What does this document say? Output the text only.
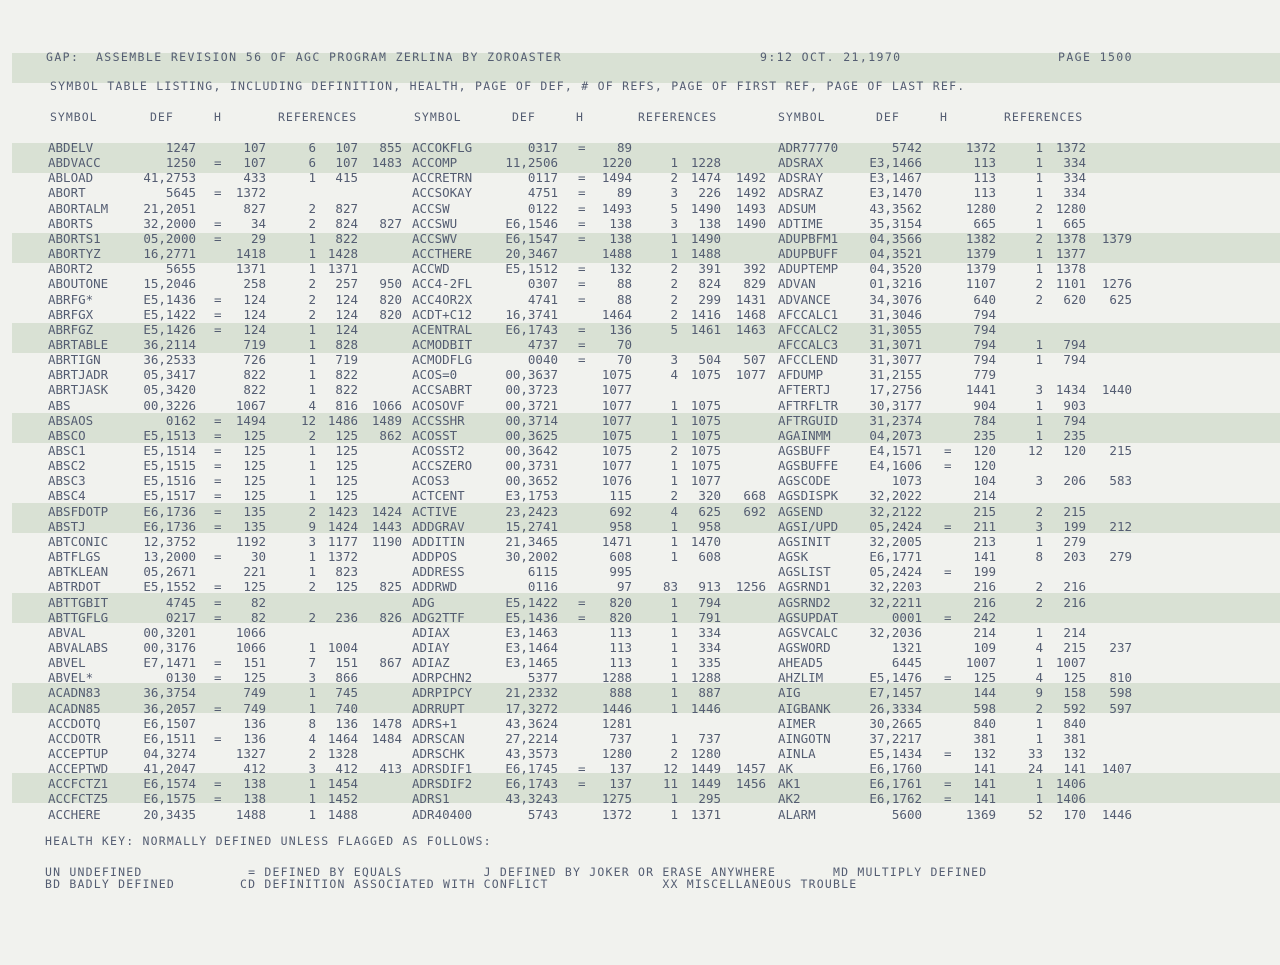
GAP:  ASSEMBLE REVISION 56 OF AGC PROGRAM ZERLINA BY ZOROASTER	9:12 OCT. 21,1970	PAGE 1500
SYMBOL TABLE LISTING, INCLUDING DEFINITION, HEALTH, PAGE OF DEF, # OF REFS, PAGE OF FIRST REF, PAGE OF LAST REF.
SYMBOL	DEF	H	REFERENCES	SYMBOL	DEF	H	REFERENCES	SYMBOL	DEF	H	REFERENCES
ABDELV	1247	107	6	107	855 ACCOKFLG	0317 =	89	ADR77770	5742	1372	1	1372
ABDVACC	1250 =	107	6	107	1483 ACCOMP	11,2506	1220	1	1228	ADSRAX	E3,1466	113	1	334
ABLOAD	41,2753	433	1	415	ACCRETRN	0117 =	1494	2	1474	1492 ADSRAY	E3,1467	113	1	334
ABORT	5645 =	1372	ACCSOKAY	4751 =	89	3	226	1492 ADSRAZ	E3,1470	113	1	334
ABORTALM	21,2051	827	2	827	ACCSW	0122 =	1493	5	1490	1493 ADSUM	43,3562	1280	2	1280
ABORTS	32,2000 =	34	2	824	827 ACCSWU	E6,1546 =	138	3	138	1490 ADTIME	35,3154	665	1	665
ABORTS1	05,2000 =	29	1	822	ACCSWV	E6,1547 =	138	1	1490	ADUPBFM1	04,3566	1382	2	1378	1379
ABORTYZ	16,2771	1418	1 1428	ACCTHERE	20,3467	1488	1	1488	ADUPBUFF	04,3521	1379	1	1377
ABORT2	5655	1371	1 1371	ACCWD	E5,1512 =	132	2	391	392 ADUPTEMP	04,3520	1379	1	1378
ABOUTONE	15,2046	258	2	257	950 ACC4-2FL	0307 =	88	2	824	829 ADVAN	01,3216	1107	2	1101	1276
ABRFG*	E5,1436 =	124	2	124	820 ACC4OR2X	4741 =	88	2	299	1431 ADVANCE	34,3076	640	2	620	625
ABRFGX	E5,1422 =	124	2	124	820 ACDT+C12	16,3741	1464	2	1416	1468 AFCCALC1	31,3046	794
ABRFGZ	E5,1426 =	124	1	124	ACENTRAL	E6,1743 =	136	5	1461	1463 AFCCALC2	31,3055	794
ABRTABLE	36,2114	719	1	828	ACMODBIT	4737 =	70	AFCCALC3	31,3071	794	1	794
ABRTIGN	36,2533	726	1	719	ACMODFLG	0040 =	70	3	504	507 AFCCLEND	31,3077	794	1	794
ABRTJADR	05,3417	822	1	822	ACOS=0	00,3637	1075	4	1075	1077 AFDUMP	31,2155	779
ABRTJASK	05,3420	822	1	822	ACCSABRT	00,3723	1077	AFTERTJ	17,2756	1441	3	1434	1440
ABS	00,3226	1067	4	816	1066 ACOSOVF	00,3721	1077	1	1075	AFTRFLTR	30,3177	904	1	903
ABSAOS	0162 =	1494	12 1486	1489 ACCSSHR	00,3714	1077	1	1075	AFTRGUID	31,2374	784	1	794
ABSCO	E5,1513 =	125	2	125	862 ACOSST	00,3625	1075	1	1075	AGAINMM	04,2073	235	1	235
ABSC1	E5,1514 =	125	1	125	ACOSST2	00,3642	1075	2	1075	AGSBUFF	E4,1571 =	120	12	120	215
ABSC2	E5,1515 =	125	1	125	ACCSZERO	00,3731	1077	1	1075	AGSBUFFE	E4,1606 =	120
ABSC3	E5,1516 =	125	1	125	ACOS3	00,3652	1076	1	1077	AGSCODE	1073	104	3	206	583
ABSC4	E5,1517 =	125	1	125	ACTCENT	E3,1753	115	2	320	668 AGSDISPK	32,2022	214
ABSFDOTP	E6,1736 =	135	2 1423	1424 ACTIVE	23,2423	692	4	625	692 AGSEND	32,2122	215	2	215
ABSTJ	E6,1736 =	135	9 1424	1443 ADDGRAV	15,2741	958	1	958	AGSI/UPD	05,2424 =	211	3	199	212
ABTCONIC	12,3752	1192	3 1177	1190 ADDITIN	21,3465	1471	1	1470	AGSINIT	32,2005	213	1	279
ABTFLGS	13,2000 =	30	1 1372	ADDPOS	30,2002	608	1	608	AGSK	E6,1771	141	8	203	279
ABTKLEAN	05,2671	221	1	823	ADDRESS	6115	995	AGSLIST	05,2424 =	199
ABTRDOT	E5,1552 =	125	2	125	825 ADDRWD	0116	97	83	913	1256 AGSRND1	32,2203	216	2	216
ABTTGBIT	4745 =	82	ADG	E5,1422 =	820	1	794	AGSRND2	32,2211	216	2	216
ABTTGFLG	0217 =	82	2	236	826 ADG2TTF	E5,1436 =	820	1	791	AGSUPDAT	0001 =	242
ABVAL	00,3201	1066	ADIAX	E3,1463	113	1	334	AGSVCALC	32,2036	214	1	214
ABVALABS	00,3176	1066	1 1004	ADIAY	E3,1464	113	1	334	AGSWORD	1321	109	4	215	237
ABVEL	E7,1471 =	151	7	151	867 ADIAZ	E3,1465	113	1	335	AHEAD5	6445	1007	1	1007
ABVEL*	0130 =	125	3	866	ADRPCHN2	5377	1288	1	1288	AHZLIM	E5,1476 =	125	4	125	810
ACADN83	36,3754	749	1	745	ADRPIPCY	21,2332	888	1	887	AIG	E7,1457	144	9	158	598
ACADN85	36,2057 =	749	1	740	ADRRUPT	17,3272	1446	1	1446	AIGBANK	26,3334	598	2	592	597
ACCDOTQ	E6,1507	136	8	136	1478 ADRS+1	43,3624	1281	AIMER	30,2665	840	1	840
ACCDOTR	E6,1511 =	136	4 1464	1484 ADRSCAN	27,2214	737	1	737	AINGOTN	37,2217	381	1	381
ACCEPTUP	04,3274	1327	2 1328	ADRSCHK	43,3573	1280	2	1280	AINLA	E5,1434 =	132	33	132
ACCEPTWD	41,2047	412	3	412	413 ADRSDIF1	E6,1745 =	137	12	1449	1457 AK	E6,1760	141	24	141	1407
ACCFCTZ1	E6,1574 =	138	1 1454	ADRSDIF2	E6,1743 =	137	11	1449	1456 AK1	E6,1761 =	141	1	1406
ACCFCTZ5	E6,1575 =	138	1 1452	ADRS1	43,3243	1275	1	295	AK2	E6,1762 =	141	1	1406
ACCHERE	20,3435	1488	1 1488	ADR40400	5743	1372	1	1371	ALARM	5600	1369	52	170	1446
HEALTH KEY: NORMALLY DEFINED UNLESS FLAGGED AS FOLLOWS:
UN UNDEFINED             = DEFINED BY EQUALS          J DEFINED BY JOKER OR ERASE ANYWHERE       MD MULTIPLY DEFINED
BD BADLY DEFINED        CD DEFINITION ASSOCIATED WITH CONFLICT              XX MISCELLANEOUS TROUBLE
